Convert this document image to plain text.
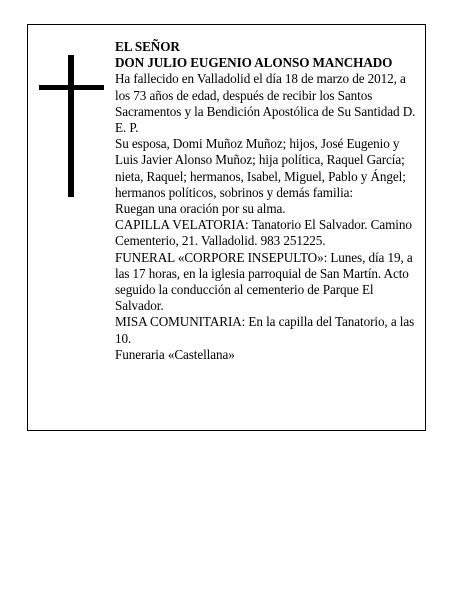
EL SEÑOR

DON JULIO EUGENIO ALONSO MANCHADO

Ha fallecido en Valladolid el día 18 de marzo de 2012, a los 73 años de edad, después de recibir los Santos Sacramentos y la Bendición Apostólica de Su Santidad D. E. P.

Su esposa, Domi Muñoz Muñoz; hijos, José Eugenio y Luis Javier Alonso Muñoz; hija política, Raquel García; nieta, Raquel; hermanos, Isabel, Miguel, Pablo y Ángel; hermanos políticos, sobrinos y demás familia:

Ruegan una oración por su alma.

CAPILLA VELATORIA: Tanatorio El Salvador. Camino Cementerio, 21. Valladolid. 983 251225.

FUNERAL «CORPORE INSEPULTO»: Lunes, día 19, a las 17 horas, en la iglesia parroquial de San Martín. Acto seguido la conducción al cementerio de Parque El Salvador.

MISA COMUNITARIA: En la capilla del Tanatorio, a las 10.

Funeraria «Castellana»
